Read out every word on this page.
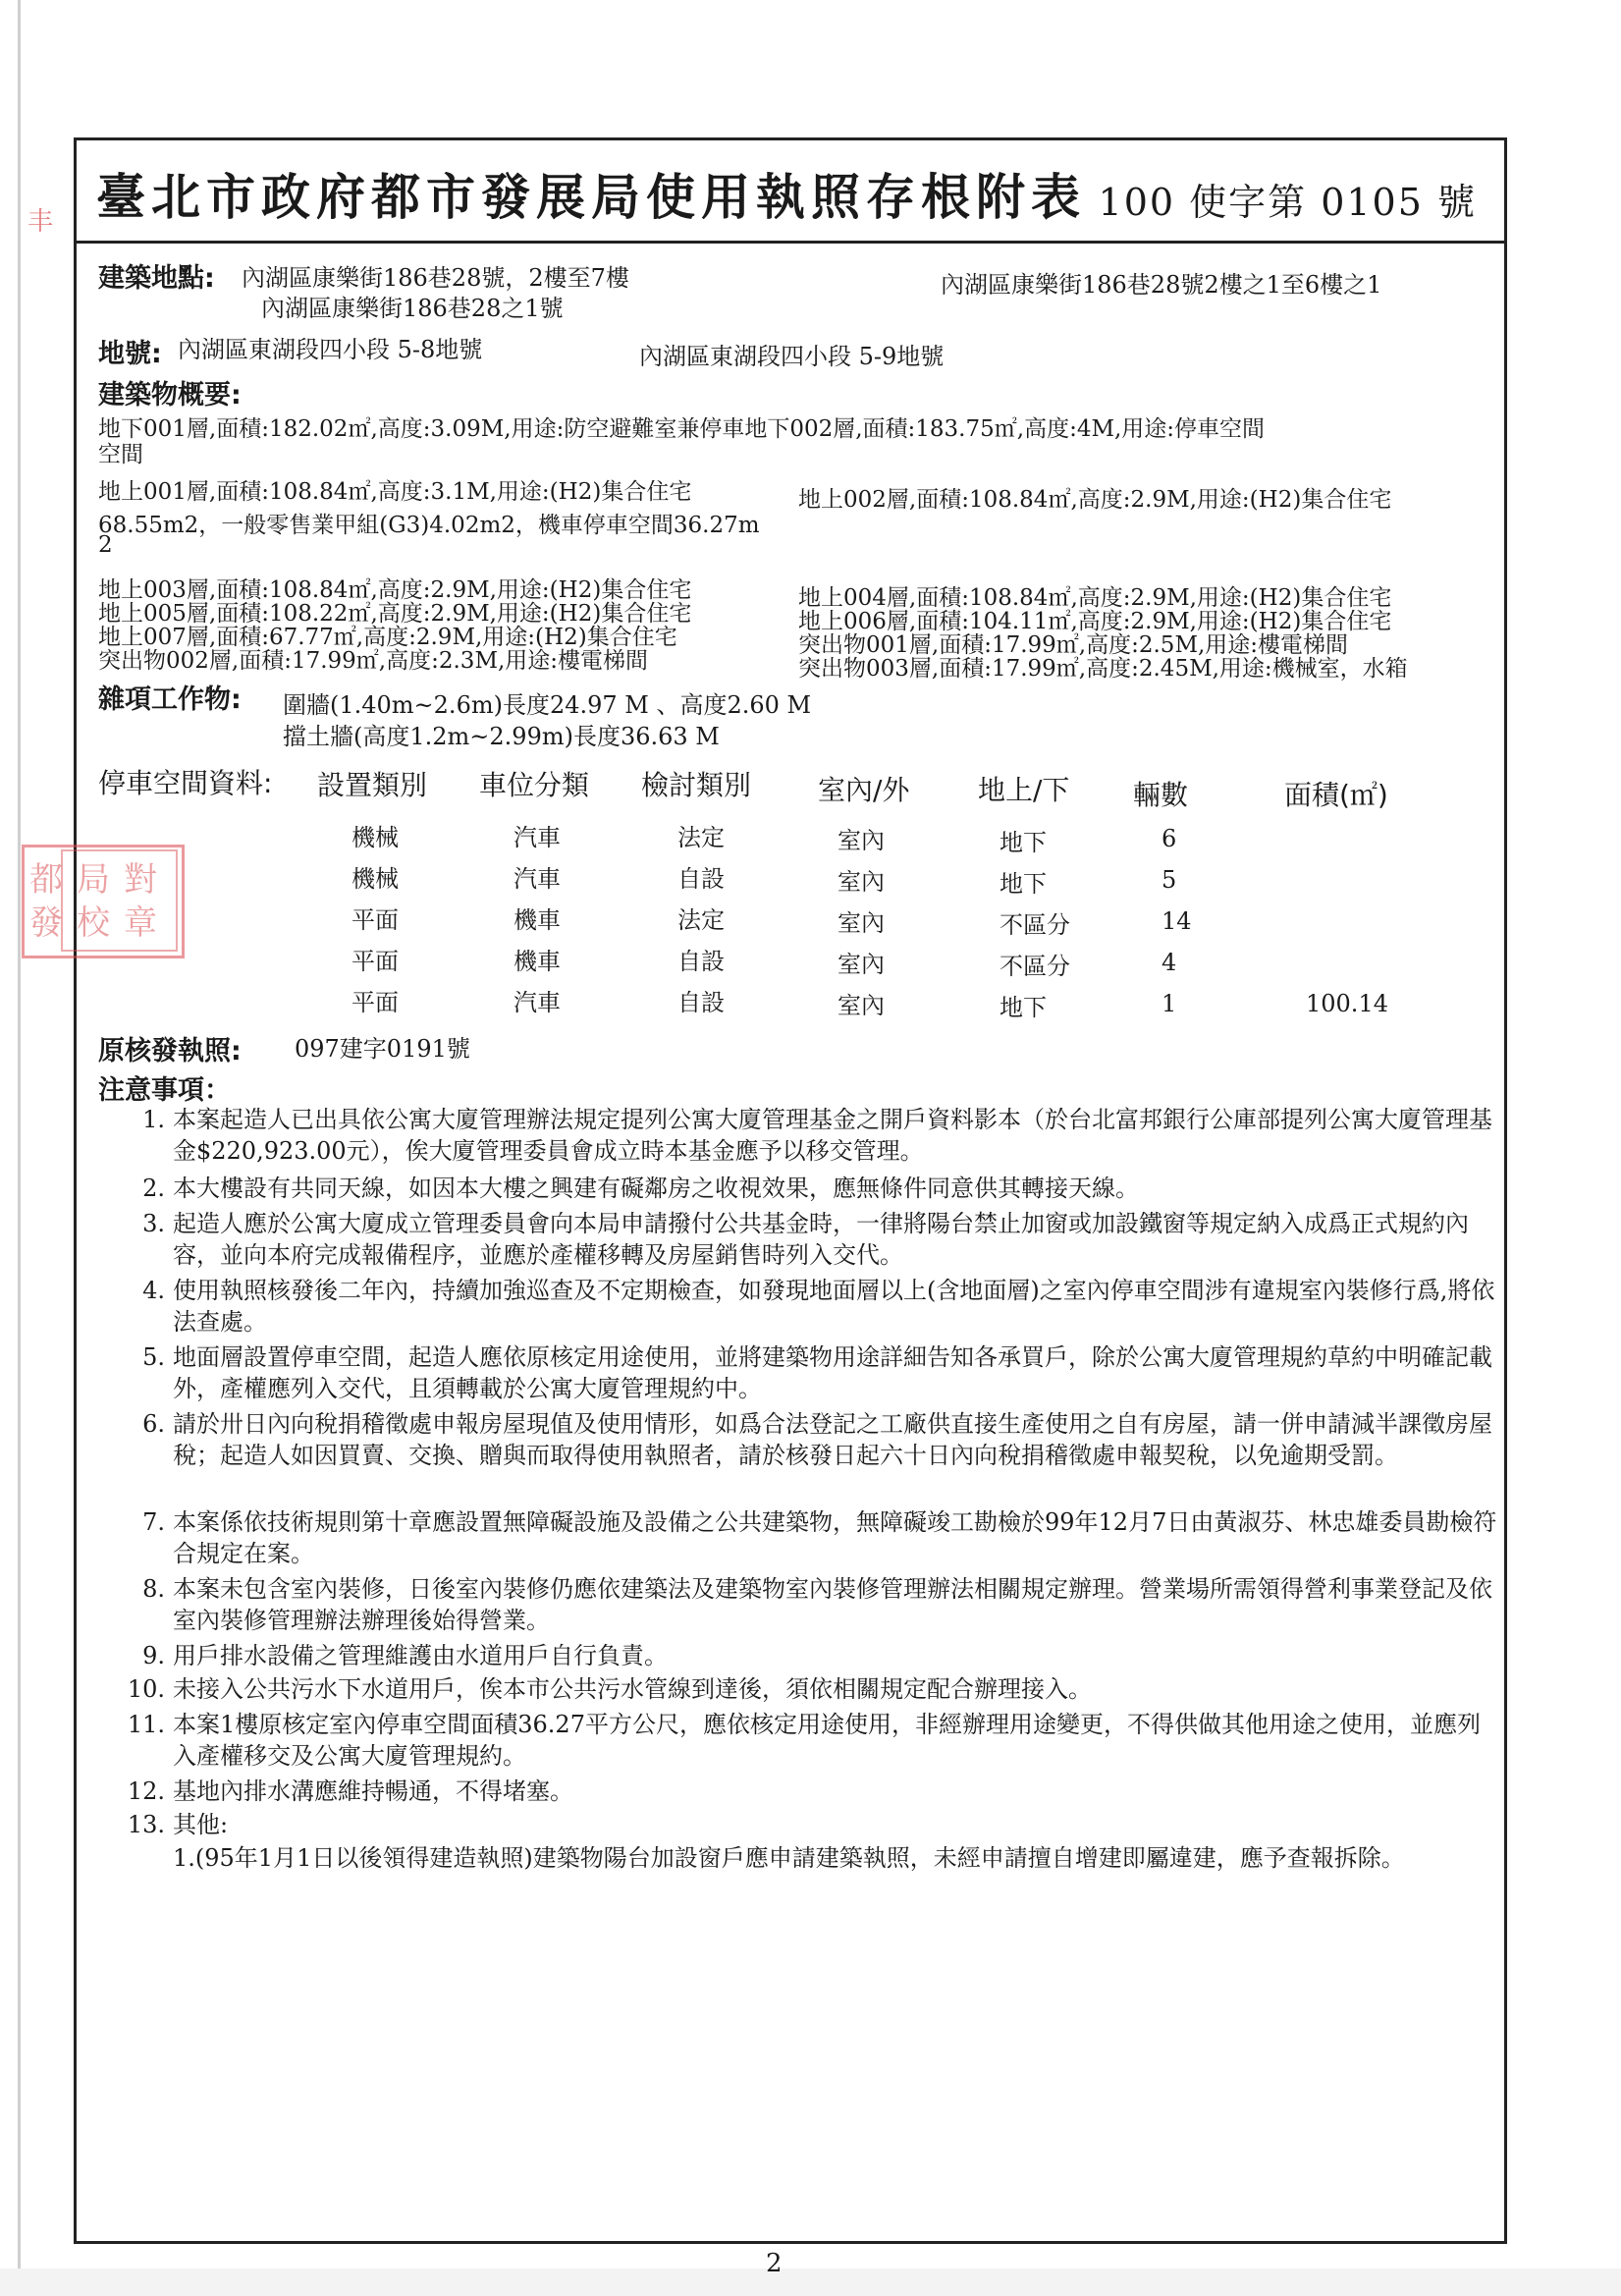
丰 臺北市政府都市發展局使用執照存根附表 100 使字第 0105 號
建築地點: 內湖區康樂街186巷28號，2樓至7樓	內湖區康樂街186巷28號2樓之1至6樓之1
內湖區康樂街186巷28之1號
地號: 內湖區東湖段四小段 5-8地號	內湖區東湖段四小段 5-9地號
建築物概要:
地下001層,面積:182.02㎡,高度:3.09M,用途:防空避難室兼停車地下002層,面積:183.75㎡,高度:4M,用途:停車空間
空間
地上001層,面積:108.84㎡,高度:3.1M,用途:(H2)集合住宅	地上002層,面積:108.84㎡,高度:2.9M,用途:(H2)集合住宅
68.55m2，一般零售業甲組(G3)4.02m2，機車停車空間36.27m
2
地上003層,面積:108.84㎡,高度:2.9M,用途:(H2)集合住宅
地上005層,面積:108.22㎡,高度:2.9M,用途:(H2)集合住宅
地上007層,面積:67.77㎡,高度:2.9M,用途:(H2)集合住宅
突出物002層,面積:17.99㎡,高度:2.3M,用途:樓電梯間
地上004層,面積:108.84㎡,高度:2.9M,用途:(H2)集合住宅
地上006層,面積:104.11㎡,高度:2.9M,用途:(H2)集合住宅
突出物001層,面積:17.99㎡,高度:2.5M,用途:樓電梯間
突出物003層,面積:17.99㎡,高度:2.45M,用途:機械室，水箱
雜項工作物: 圍牆(1.40m~2.6m)長度24.97 M 、高度2.60 M
擋土牆(高度1.2m~2.99m)長度36.63 M
停車空間資料: 設置類別 車位分類 檢討類別 室內/外 地上/下 輛數	面積(㎡)
機械	汽車	法定	室內	地下	6
機械	汽車	自設	室內	地下	5
平面	機車	法定	室內	不區分	14
平面	機車	自設	室內	不區分	4
平面	汽車	自設	室內	地下	1	100.14
原核發執照: 097建字0191號
注意事項：
1. 本案起造人已出具依公寓大廈管理辦法規定提列公寓大廈管理基金之開戶資料影本（於台北富邦銀行公庫部提列公寓大廈管理基金$220,923.00元），俟大廈管理委員會成立時本基金應予以移交管理。
2. 本大樓設有共同天線，如因本大樓之興建有礙鄰房之收視效果，應無條件同意供其轉接天線。
3. 起造人應於公寓大廈成立管理委員會向本局申請撥付公共基金時，一律將陽台禁止加窗或加設鐵窗等規定納入成爲正式規約內容，並向本府完成報備程序，並應於產權移轉及房屋銷售時列入交代。
4. 使用執照核發後二年內，持續加強巡查及不定期檢查，如發現地面層以上(含地面層)之室內停車空間涉有違規室內裝修行爲,將依法查處。
5. 地面層設置停車空間，起造人應依原核定用途使用，並將建築物用途詳細告知各承買戶，除於公寓大廈管理規約草約中明確記載外，產權應列入交代，且須轉載於公寓大廈管理規約中。
6. 請於卅日內向稅捐稽徵處申報房屋現值及使用情形，如爲合法登記之工廠供直接生產使用之自有房屋，請一併申請減半課徵房屋稅；起造人如因買賣、交換、贈與而取得使用執照者，請於核發日起六十日內向稅捐稽徵處申報契稅，以免逾期受罰。
7. 本案係依技術規則第十章應設置無障礙設施及設備之公共建築物，無障礙竣工勘檢於99年12月7日由黃淑芬、林忠雄委員勘檢符合規定在案。
8. 本案未包含室內裝修，日後室內裝修仍應依建築法及建築物室內裝修管理辦法相關規定辦理。營業場所需領得營利事業登記及依室內裝修管理辦法辦理後始得營業。
9. 用戶排水設備之管理維護由水道用戶自行負責。
10. 未接入公共污水下水道用戶，俟本市公共污水管線到達後，須依相關規定配合辦理接入。
11. 本案1樓原核定室內停車空間面積36.27平方公尺，應依核定用途使用，非經辦理用途變更，不得供做其他用途之使用，並應列入產權移交及公寓大廈管理規約。
12. 基地內排水溝應維持暢通，不得堵塞。
13. 其他:
1.(95年1月1日以後領得建造執照)建築物陽台加設窗戶應申請建築執照，未經申請擅自增建即屬違建，應予查報拆除。
都
發
局
校
對
章
2
